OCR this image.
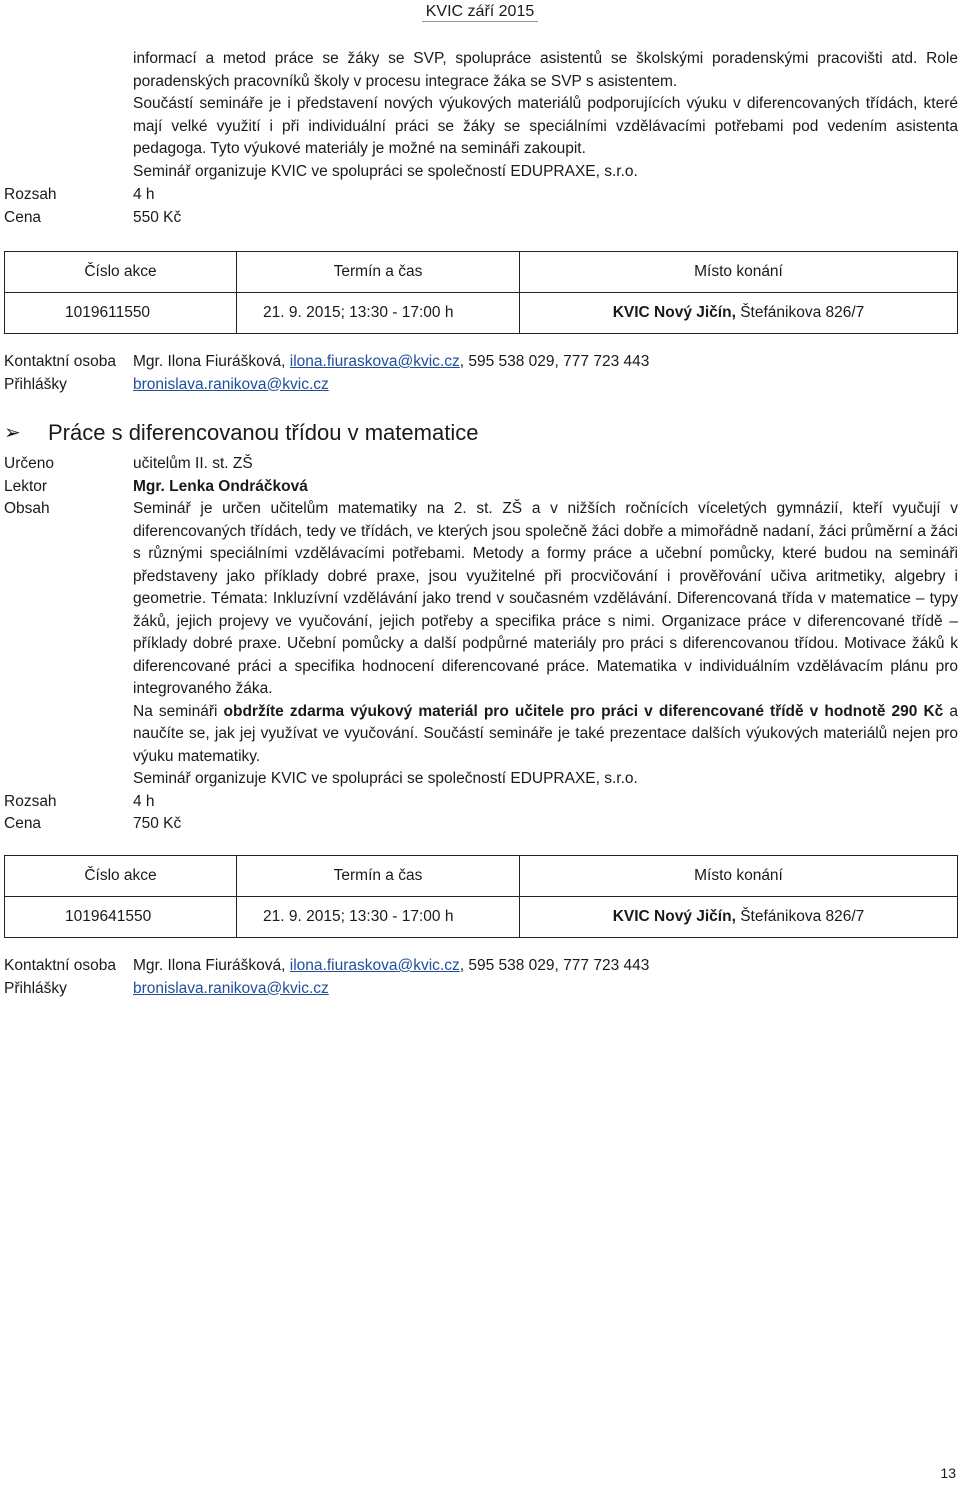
KVIC září 2015

informací a metod práce se žáky se SVP, spolupráce asistentů se školskými poradenskými pracovišti atd. Role poradenských pracovníků školy v procesu integrace žáka se SVP s asistentem.

Součástí semináře je i představení nových výukových materiálů podporujících výuku v diferencovaných třídách, které mají velké využití i při individuální práci se žáky se speciálními vzdělávacími potřebami pod vedením asistenta pedagoga. Tyto výukové materiály je možné na semináři zakoupit.

Seminář organizuje KVIC ve spolupráci se společností EDUPRAXE, s.r.o.

Rozsah	4 h
Cena	550 Kč
Číslo akce	Termín a čas	Místo konání
1019611550	21. 9. 2015; 13:30 - 17:00 h	KVIC Nový Jičín, Štefánikova 826/7
Kontaktní osoba	Mgr. Ilona Fiurášková, ilona.fiuraskova@kvic.cz, 595 538 029, 777 723 443
Přihlášky	bronislava.ranikova@kvic.cz
➢	Práce s diferencovanou třídou v matematice
Určeno	učitelům II. st. ZŠ
Lektor	Mgr. Lenka Ondráčková
Obsah	Seminář je určen učitelům matematiky na 2. st. ZŠ a v nižších ročnících víceletých gymnázií, kteří vyučují v diferencovaných třídách, tedy ve třídách, ve kterých jsou společně žáci dobře a mimořádně nadaní, žáci průměrní a žáci s různými speciálními vzdělávacími potřebami. Metody a formy práce a učební pomůcky, které budou na semináři představeny jako příklady dobré praxe, jsou využitelné při procvičování i prověřování učiva aritmetiky, algebry i geometrie. Témata: Inkluzívní vzdělávání jako trend v současném vzdělávání. Diferencovaná třída v matematice – typy žáků, jejich projevy ve vyučování, jejich potřeby a specifika práce s nimi. Organizace práce v diferencované třídě – příklady dobré praxe. Učební pomůcky a další podpůrné materiály pro práci s diferencovanou třídou. Motivace žáků k diferencované práci a specifika hodnocení diferencované práce. Matematika v individuálním vzdělávacím plánu pro integrovaného žáka.
Na semináři obdržíte zdarma výukový materiál pro učitele pro práci v diferencované třídě v hodnotě 290 Kč a naučíte se, jak jej využívat ve vyučování. Součástí semináře je také prezentace dalších výukových materiálů nejen pro výuku matematiky.
Seminář organizuje KVIC ve spolupráci se společností EDUPRAXE, s.r.o.
Rozsah	4 h
Cena	750 Kč
Číslo akce	Termín a čas	Místo konání
1019641550	21. 9. 2015; 13:30 - 17:00 h	KVIC Nový Jičín, Štefánikova 826/7
Kontaktní osoba	Mgr. Ilona Fiurášková, ilona.fiuraskova@kvic.cz, 595 538 029, 777 723 443
Přihlášky	bronislava.ranikova@kvic.cz
13
